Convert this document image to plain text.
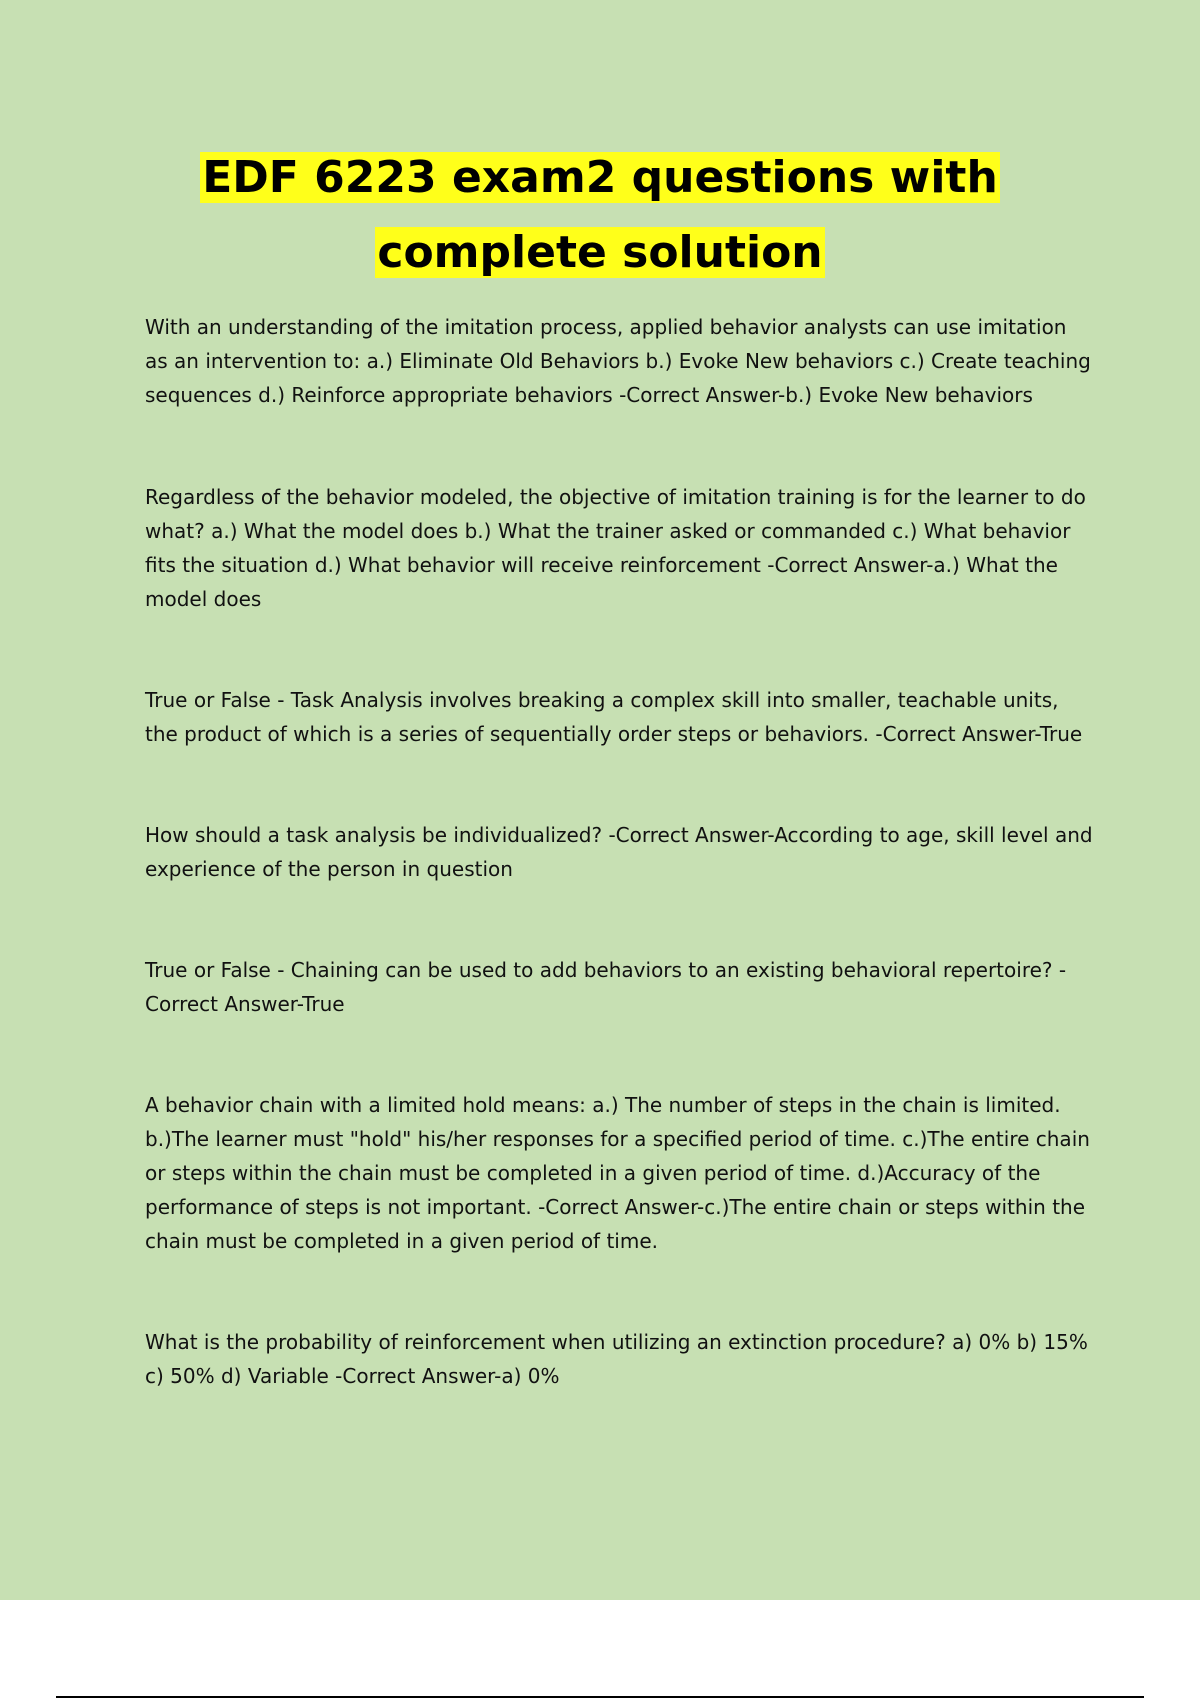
EDF 6223 exam2 questions with complete solution

With an understanding of the imitation process, applied behavior analysts can use imitation as an intervention to: a.) Eliminate Old Behaviors b.) Evoke New behaviors c.) Create teaching sequences d.) Reinforce appropriate behaviors -Correct Answer-b.) Evoke New behaviors

Regardless of the behavior modeled, the objective of imitation training is for the learner to do what? a.) What the model does b.) What the trainer asked or commanded c.) What behavior fits the situation d.) What behavior will receive reinforcement -Correct Answer-a.) What the model does

True or False - Task Analysis involves breaking a complex skill into smaller, teachable units, the product of which is a series of sequentially order steps or behaviors. -Correct Answer-True

How should a task analysis be individualized? -Correct Answer-According to age, skill level and experience of the person in question

True or False - Chaining can be used to add behaviors to an existing behavioral repertoire? -Correct Answer-True

A behavior chain with a limited hold means: a.) The number of steps in the chain is limited. b.)The learner must "hold" his/her responses for a specified period of time. c.)The entire chain or steps within the chain must be completed in a given period of time. d.)Accuracy of the performance of steps is not important. -Correct Answer-c.)The entire chain or steps within the chain must be completed in a given period of time.

What is the probability of reinforcement when utilizing an extinction procedure? a) 0% b) 15% c) 50% d) Variable -Correct Answer-a) 0%
